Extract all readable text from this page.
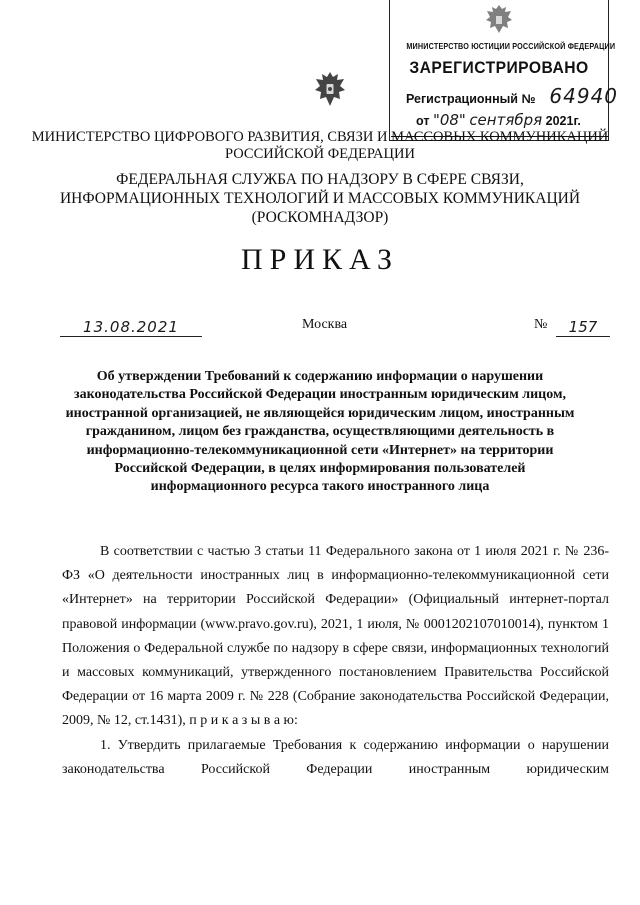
МИНИСТЕРСТВО ЮСТИЦИИ РОССИЙСКОЙ ФЕДЕРАЦИИ
ЗАРЕГИСТРИРОВАНО
Регистрационный № 64940
от "08" сентября 2021г.
МИНИСТЕРСТВО ЦИФРОВОГО РАЗВИТИЯ, СВЯЗИ И МАССОВЫХ КОММУНИКАЦИЙ
РОССИЙСКОЙ ФЕДЕРАЦИИ
ФЕДЕРАЛЬНАЯ СЛУЖБА ПО НАДЗОРУ В СФЕРЕ СВЯЗИ,
ИНФОРМАЦИОННЫХ ТЕХНОЛОГИЙ И МАССОВЫХ КОММУНИКАЦИЙ
(РОСКОМНАДЗОР)
ПРИКАЗ
13.08.2021	Москва	№	157
Об утверждении Требований к содержанию информации о нарушении
законодательства Российской Федерации иностранным юридическим лицом,
иностранной организацией, не являющейся юридическим лицом, иностранным
гражданином, лицом без гражданства, осуществляющими деятельность в
информационно-телекоммуникационной сети «Интернет» на территории
Российской Федерации, в целях информирования пользователей
информационного ресурса такого иностранного лица

В соответствии с частью 3 статьи 11 Федерального закона от 1 июля 2021 г. № 236-ФЗ «О деятельности иностранных лиц в информационно-телекоммуникационной сети «Интернет» на территории Российской Федерации» (Официальный интернет-портал правовой информации (www.pravo.gov.ru), 2021, 1 июля, № 0001202107010014), пунктом 1 Положения о Федеральной службе по надзору в сфере связи, информационных технологий и массовых коммуникаций, утвержденного постановлением Правительства Российской Федерации от 16 марта 2009 г. № 228 (Собрание законодательства Российской Федерации, 2009, № 12, ст.1431), п р и к а з ы в а ю:

1. Утвердить прилагаемые Требования к содержанию информации о нарушении законодательства Российской Федерации иностранным юридическим
